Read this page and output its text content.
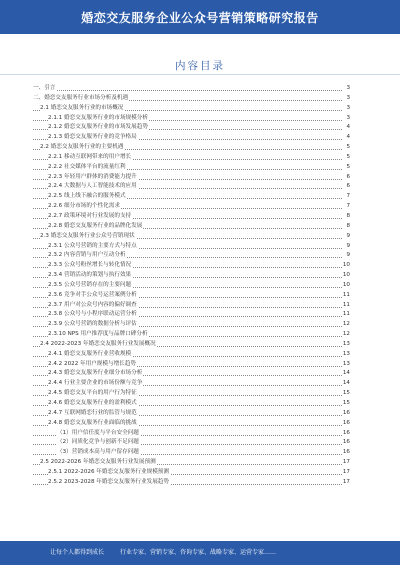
婚恋交友服务企业公众号营销策略研究报告
内容目录
一、引言	3
二、婚恋交友服务行业市场分析及机遇	3
2.1 婚恋交友服务行业的市场概况	3
2.1.1 婚恋交友服务行业的市场规模分析	3
2.1.2 婚恋交友服务行业的市场发展趋势	4
2.1.3 婚恋交友服务行业的竞争格局	4
2.2 婚恋交友服务行业的主要机遇	5
2.2.1 移动互联网带来的用户增长	5
2.2.2 社交媒体平台的流量红利	5
2.2.3 年轻用户群体的消费能力提升	6
2.2.4 大数据与人工智能技术的应用	6
2.2.5 线上线下融合的服务模式	7
2.2.6 细分市场的个性化需求	7
2.2.7 政策环境对行业发展的支持	8
2.2.8 婚恋交友服务行业的品牌化发展	8
2.3 婚恋交友服务行业公众号营销现状	9
2.3.1 公众号营销的主要方式与特点	9
2.3.2 内容营销与用户互动分析	9
2.3.3 公众号粉丝增长与转化情况	10
2.3.4 营销活动的策划与执行效果	10
2.3.5 公众号营销存在的主要问题	10
2.3.6 竞争对手公众号运营案例分析	11
2.3.7 用户对公众号内容的偏好调查	11
2.3.8 公众号与小程序联动运营分析	11
2.3.9 公众号营销的数据分析与评估	12
2.3.10 NPS 用户推荐度与品牌口碑分析	12
2.4 2022-2023 年婚恋交友服务行业发展概况	13
2.4.1 婚恋交友服务行业营收规模	13
2.4.2 2022 年用户规模与增长趋势	13
2.4.3 婚恋交友服务行业细分市场分析	14
2.4.4 行业主要企业的市场份额与竞争	14
2.4.5 婚恋交友平台的用户行为特征	15
2.4.6 婚恋交友服务行业的盈利模式	15
2.4.7 互联网婚恋行业的监管与规范	16
2.4.8 婚恋交友服务行业面临的挑战	16
（1）用户信任度与平台安全问题	16
（2）同质化竞争与创新不足问题	16
（3）营销成本高与用户留存问题	16
2.5 2022-2026 年婚恋交友服务行业发展预测	17
2.5.1 2022-2026 年婚恋交友服务行业规模预测	17
2.5.2 2023-2028 年婚恋交友服务行业发展趋势	17
让每个人都得到成长	行业专家、营销专家、咨询专家、战略专家、运营专家……
